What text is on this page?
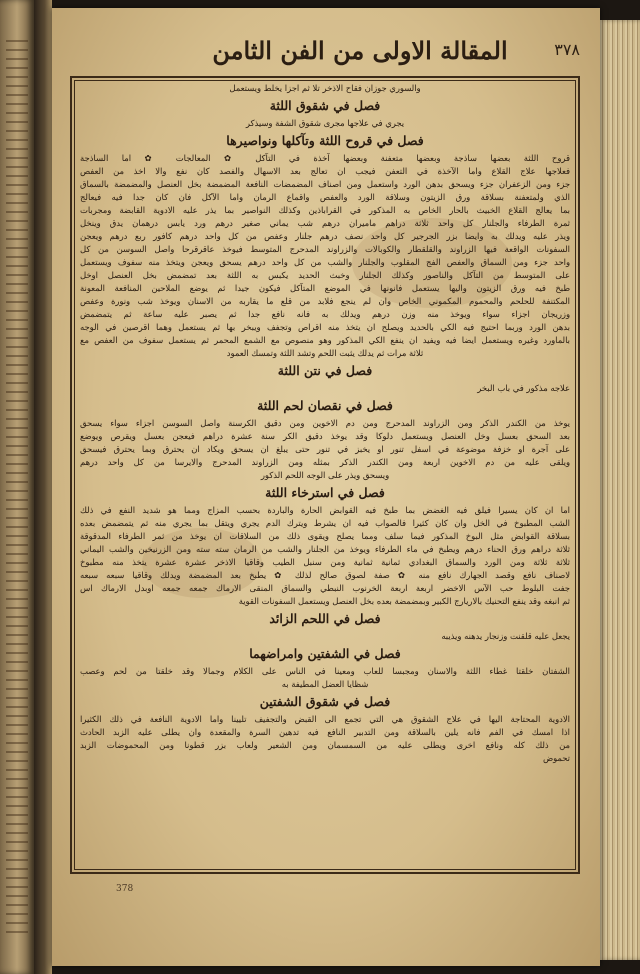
المقالة الاولى من الفن الثامن	٣٧٨
والسوري جوزان فقاح الاذخر تلا ثم اجزا يخلط ويستعمل
فصل في شقوق اللثة
يجري في علاجها مجرى شقوق الشفة وسيذكر
فصل في قروح اللثة وتآكلها ونواصيرها
قروح اللثة بعضها ساذجة وبعضها متعفنة وبعضها آخذة في التآكل ✿ المعالجات ✿ اما الساذجة
فعلاجها علاج القلاع واما الآخذة في التعفن فيجب ان تعالج بعد الاسهال والفصد كان نفع والا اخذ من العفص
جزء ومن الزعفران جزء ويسحق بدهن الورد واستعمل ومن اصناف المضمضات النافعة المضمضة بخل العنصل والمضمضة بالسماق
الذي ولمتعفنة بسلاقة ورق الزيتون وسلاقة الورد والعفص واقماع الرمان واما الآكل فان كان جدا فيه فيعالج
بما يعالج القلاع الخبيث بالحار الخاص به المذكور في القراباذين وكذلك النواصير بما يذر عليه الادوية القابضة ومجربات
ثمرة الطرفاء والجلنار كل واحد ثلاثة دراهم ماميران درهم شب يماني صغير درهم ورد يابس درهمان يدق وينخل
ويذر عليه ويدلك به وايضا بزر الجرجير كل واحد نصف درهم جلنار وعفص من كل واحد درهم كافور ربع درهم ويعجن
السفونات الواقعة فيها الزراوند والقلقطار والكوبالات والزراوند المدحرج المتوسط فيوخذ عاقرقرحا واصل السوسن من كل
واحد جزء ومن السماق والعفص الفج المقلوب والجلنار والشب من كل واحد درهم يسحق ويعجن ويتخذ منه سفوف ويستعمل
على المتوسط من التآكل والناصور وكذلك الجلنار وخبث الحديد يكبس به اللثة بعد تمضمض بخل العنصل اوخل
طبخ فيه ورق الزيتون واليها يستعمل فانونها في الموضع المتآكل فيكون جيدا ثم يوضع الملاحين المنافعة المعونة
المكتنفة للحلحم والمحموم المكموني الخاص وان لم ينجع فلابد من قلع ما يقاربه من الاسنان ويوخذ شب ونورة وعفص
وزريجان اجزاء سواء ويوخذ منه وزن درهم ويدلك به فانه نافع جدا ثم يصبر عليه ساعة ثم يتمضمض
بدهن الورد وربما احتيج فيه الكي بالحديد ويصلح ان يتخذ منه اقراص وتجفف ويبخر بها ثم يستعمل وهما اقرصين في الوجه
بالماورد وغيره ويستعمل ايضا فيه ويفيد ان ينفع الكي المذكور وهو منصوص مع الشمع المحمر ثم يستعمل سفوف من العفص مع
ثلاثة مرات ثم يدلك يثبت اللحم وتشد اللثة وتمسك العمود
فصل في نتن اللثة
علاجه مذكور في باب البخر
فصل في نقصان لحم اللثة
يوخذ من الكندر الذكر ومن الزراوند المدحرج ومن دم الاخوين ومن دقيق الكرسنة واصل السوسن اجزاء سواء يسحق
بعد السحق بعسل وخل العنصل ويستعمل دلوكا وقد يوخذ دقيق الكر سنة عشرة دراهم فيعجن بعسل ويقرص ويوضع
على آجرة او خزفة موضوعة في اسفل تنور او يخبز في تنور حتى يبلغ ان يسحق ويكاد ان يحترق وبما يحترق فيسحق
ويلقى عليه من دم الاخوين اربعة ومن الكندر الذكر بمثله ومن الزراوند المدحرج والايرسا من كل واحد درهم
ويسحق ويذر على الوجه اللحم الذكور
فصل في استرخاء اللثة
اما ان كان يسيرا فيلق فيه الغضض بما طبخ فيه القوابض الحارة والباردة بحسب المزاج ومما هو شديد النفع في ذلك
الشب المطبوخ في الخل وان كان كثيرا فالصواب فيه ان يشرط ويترك الدم يجري ويتقل بما يجري منه ثم يتمضمض بعده
بسلاقة القوابض مثل البوخ المذكور فيما سلف ومما يصلح ويقوى ذلك من السلاقات ان يوخذ من ثمر الطرفاء المدقوقة
ثلاثة دراهم ورق الحناء درهم ويطبخ في ماء الطرفاء ويوخذ من الجلنار والشب من الرمان سته سته ومن الزرنيخين والشب اليماني
ثلاثة ثلاثة ومن الورد والسماق البغدادي ثمانية ثمانية ومن سنبل الطيب وقاقيا الاذخر عشرة عشرة يتخذ منه مطبوخ
لاصناف نافع وقصد الجهارك نافع منه ✿ صفة لصوق صالح لذلك ✿ يطبخ بعد المضمضة ويدلك وقاقيا سبعه سبعه
جفت البلوط حب الآس الاخضر اربعة اربعة الخرنوب النبطي والسماق المنقى الارماك جمعه جمعه اوبدل الارماك اس
ثم انبغه وقد ينفع التحنيك بالاريارج الكبير وبمضمضة بعده بخل العنصل ويستعمل السفونات القوية
فصل في اللحم الزائد
يجعل عليه قلقنت وزنجار يدهنه ويذيبه
فصل في الشفتين وامراضهما
الشفتان خلقتا غطاء اللثة والاسنان ومجبسا للعاب ومعينا في الناس على الكلام وجمالا وقد خلقتا من لحم وعصب
شظايا العضل المطيفة به
فصل في شقوق الشفتين
الادوية المحتاجة اليها في علاج الشقوق هي التي تجمع الى القبض والتجفيف تليينا واما الادوية النافعة في ذلك الكثيرا
اذا امسك في الفم فانه يلين بالسلاقة ومن التدبير النافع فيه تدهين السرة والمقعدة وان يطلى عليه الزبد الحادث
من ذلك كله ونافع اخرى ويطلى عليه من السمسمان ومن الشعير ولعاب بزر قطونا ومن المحموضات الزبد
تحموض
378
